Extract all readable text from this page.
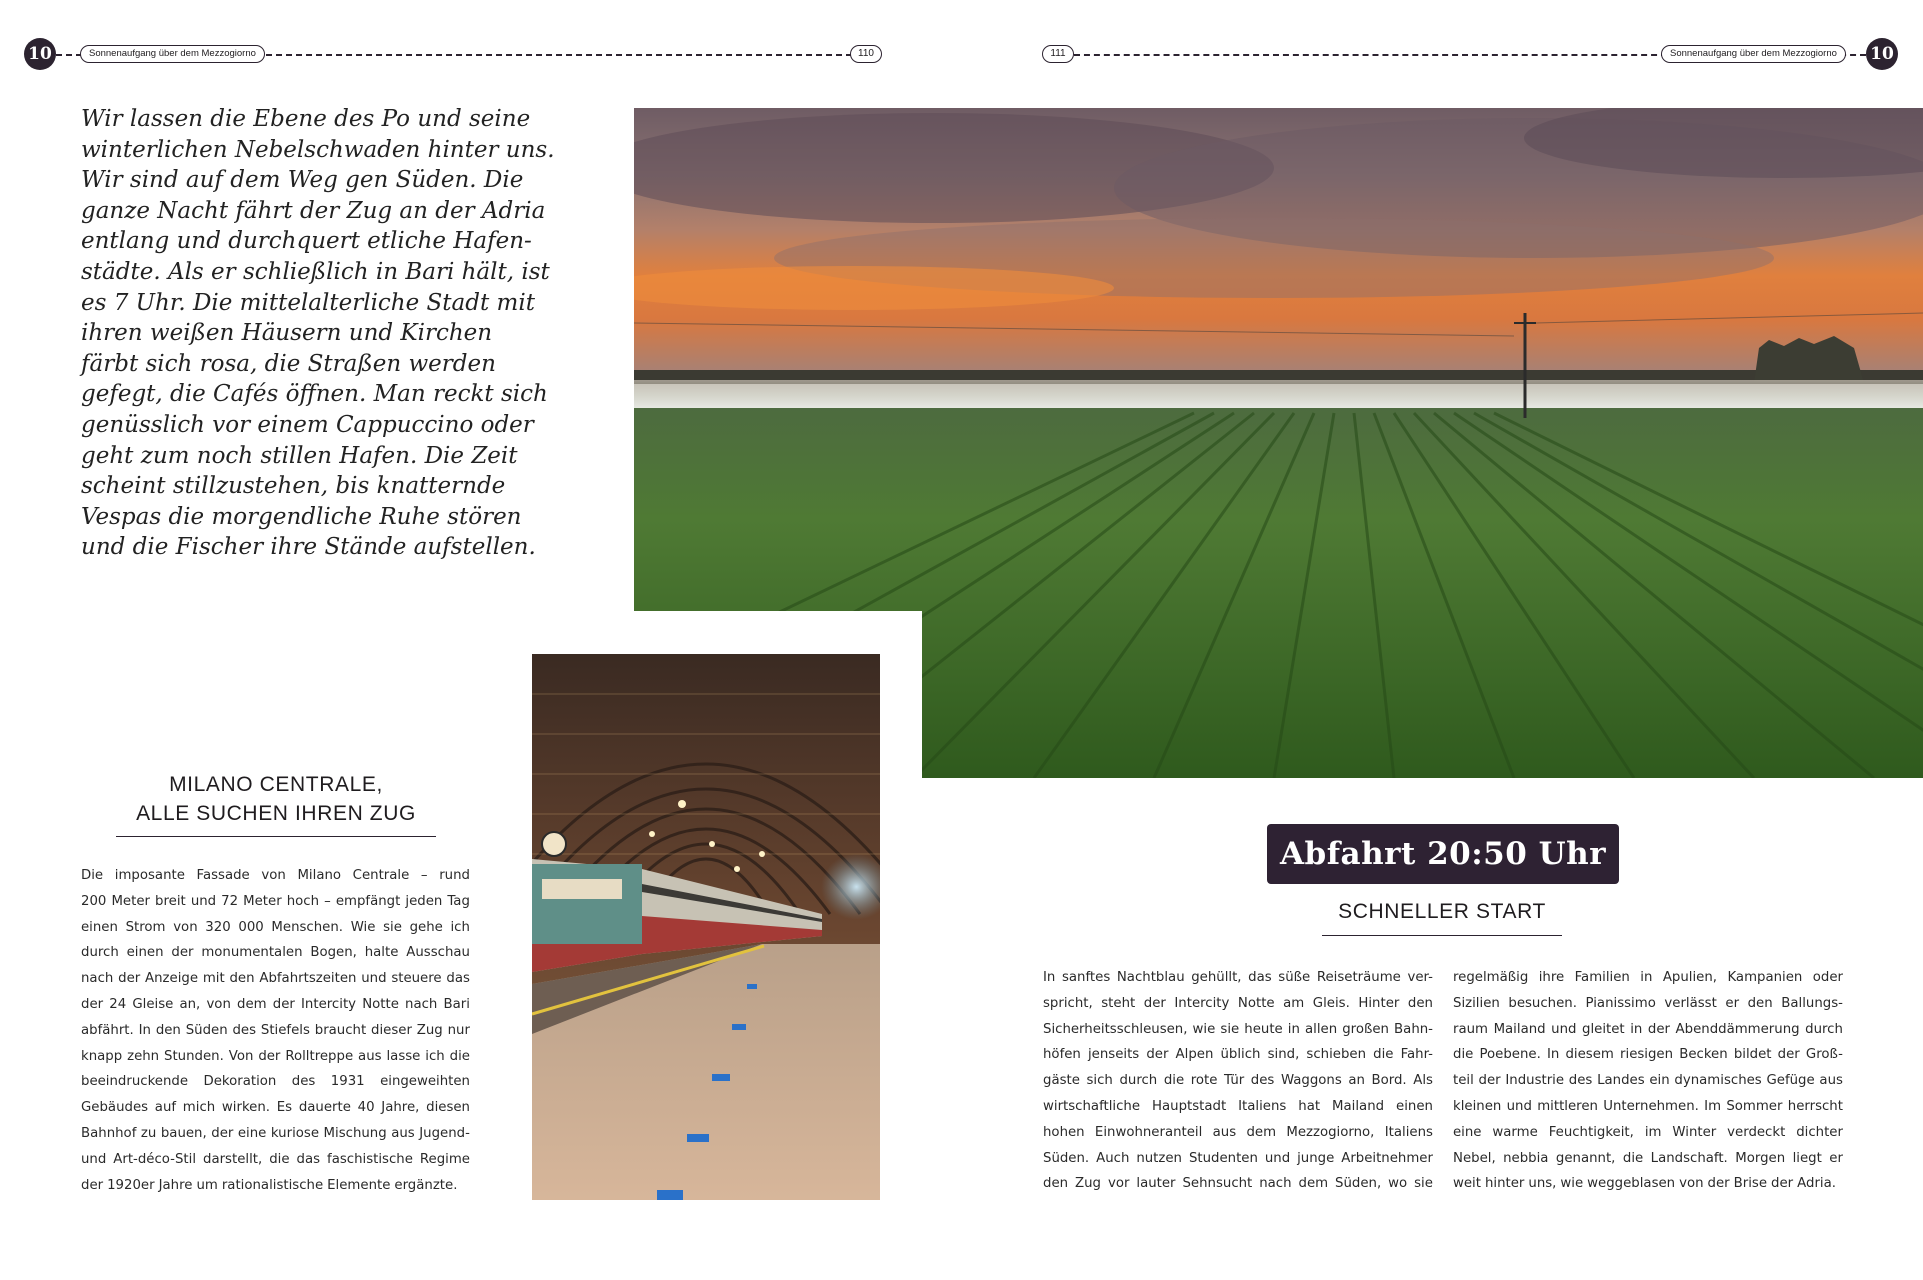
10	Sonnenaufgang über dem Mezzogiorno	110	111	Sonnenaufgang über dem Mezzogiorno	10
Wir lassen die Ebene des Po und seine
winterlichen Nebelschwaden hinter uns.
Wir sind auf dem Weg gen Süden. Die
ganze Nacht fährt der Zug an der Adria
entlang und durchquert etliche Hafen-
städte. Als er schließlich in Bari hält, ist
es 7 Uhr. Die mittelalterliche Stadt mit
ihren weißen Häusern und Kirchen
färbt sich rosa, die Straßen werden
gefegt, die Cafés öffnen. Man reckt sich
genüsslich vor einem Cappuccino oder
geht zum noch stillen Hafen. Die Zeit
scheint stillzustehen, bis knatternde
Vespas die morgendliche Ruhe stören
und die Fischer ihre Stände aufstellen.
MILANO CENTRALE,
ALLE SUCHEN IHREN ZUG
Die imposante Fassade von Milano Centrale – rund
200 Meter breit und 72 Meter hoch – empfängt jeden Tag
einen Strom von 320 000 Menschen. Wie sie gehe ich
durch einen der monumentalen Bogen, halte Ausschau
nach der Anzeige mit den Abfahrtszeiten und steuere das
der 24 Gleise an, von dem der Intercity Notte nach Bari
abfährt. In den Süden des Stiefels braucht dieser Zug nur
knapp zehn Stunden. Von der Rolltreppe aus lasse ich die
beeindruckende Dekoration des 1931 eingeweihten
Gebäudes auf mich wirken. Es dauerte 40 Jahre, diesen
Bahnhof zu bauen, der eine kuriose Mischung aus Jugend-
und Art-déco-Stil darstellt, die das faschistische Regime
der 1920er Jahre um rationalistische Elemente ergänzte.
Abfahrt 20:50 Uhr
SCHNELLER START
In sanftes Nachtblau gehüllt, das süße Reiseträume ver-
spricht, steht der Intercity Notte am Gleis. Hinter den
Sicherheitsschleusen, wie sie heute in allen großen Bahn-
höfen jenseits der Alpen üblich sind, schieben die Fahr-
gäste sich durch die rote Tür des Waggons an Bord. Als
wirtschaftliche Hauptstadt Italiens hat Mailand einen
hohen Einwohneranteil aus dem Mezzogiorno, Italiens
Süden. Auch nutzen Studenten und junge Arbeitnehmer
den Zug vor lauter Sehnsucht nach dem Süden, wo sie
regelmäßig ihre Familien in Apulien, Kampanien oder
Sizilien besuchen. Pianissimo verlässt er den Ballungs-
raum Mailand und gleitet in der Abenddämmerung durch
die Poebene. In diesem riesigen Becken bildet der Groß-
teil der Industrie des Landes ein dynamisches Gefüge aus
kleinen und mittleren Unternehmen. Im Sommer herrscht
eine warme Feuchtigkeit, im Winter verdeckt dichter
Nebel, nebbia genannt, die Landschaft. Morgen liegt er
weit hinter uns, wie weggeblasen von der Brise der Adria.
